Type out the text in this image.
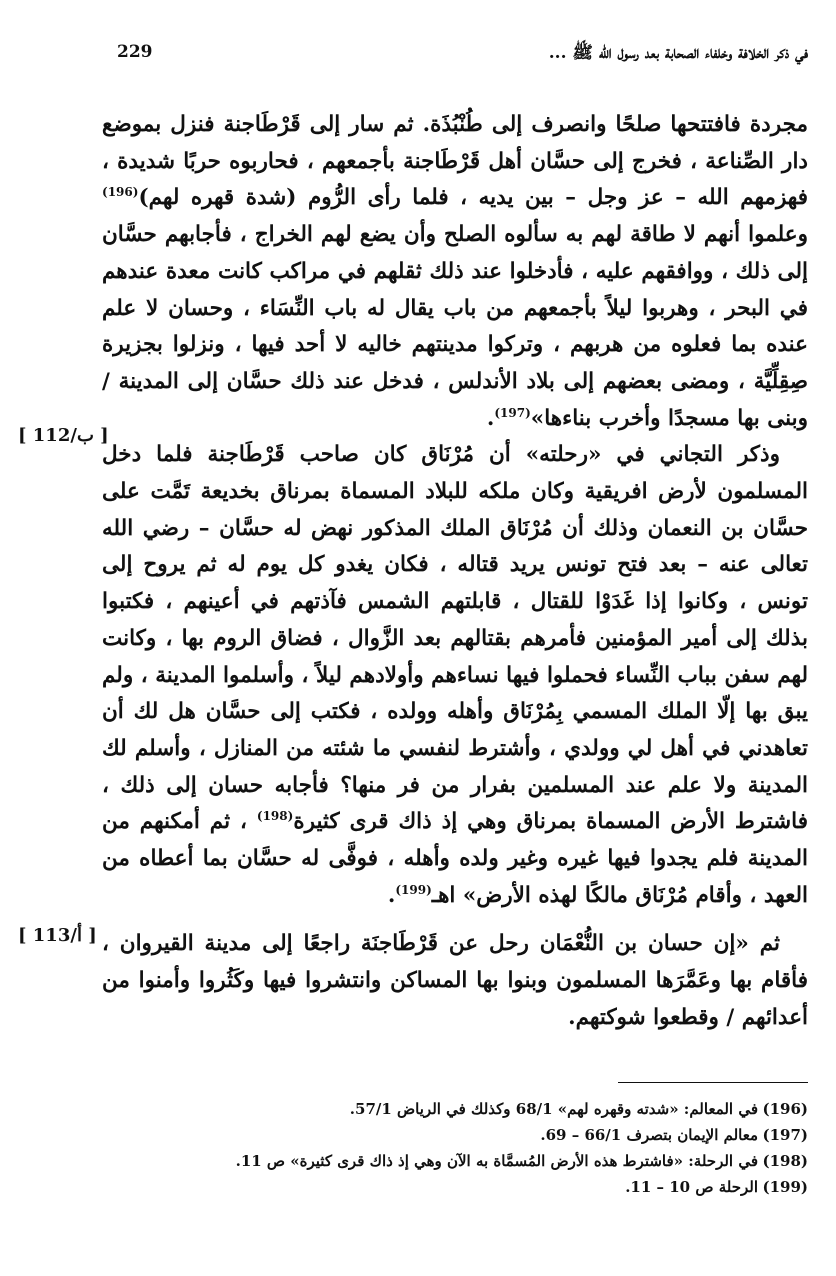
في ذكر الخلافة وخلفاء الصحابة بعد رسول الله ﷺ ...
229

مجردة فافتتحها صلحًا وانصرف إلى طُنْبُذَة. ثم سار إلى قَرْطَاجنة فنزل بموضع دار الصِّناعة ، فخرج إلى حسَّان أهل قَرْطَاجنة بأجمعهم ، فحاربوه حربًا شديدة ، فهزمهم الله – عز وجل – بين يديه ، فلما رأى الرُّوم (شدة قهره لهم)$^{(196)}$ وعلموا أنهم لا طاقة لهم به سألوه الصلح وأن يضع لهم الخراج ، فأجابهم حسَّان إلى ذلك ، ووافقهم عليه ، فأدخلوا عند ذلك ثقلهم في مراكب كانت معدة عندهم في البحر ، وهربوا ليلاً بأجمعهم من باب يقال له باب النِّسَاء ، وحسان لا علم عنده بما فعلوه من هربهم ، وتركوا مدينتهم خاليه لا أحد فيها ، ونزلوا بجزيرة صِقِلِّيَّة ، ومضى بعضهم إلى بلاد الأندلس ، فدخل عند ذلك حسَّان إلى المدينة / وبنى بها مسجدًا وأخرب بناءها»$^{(197)}$.

وذكر التجاني في «رحلته» أن مُرْنَاق كان صاحب قَرْطَاجنة فلما دخل المسلمون لأرض افريقية وكان ملكه للبلاد المسماة بمرناق بخديعة تَمَّت على حسَّان بن النعمان وذلك أن مُرْنَاق الملك المذكور نهض له حسَّان – رضي الله تعالى عنه – بعد فتح تونس يريد قتاله ، فكان يغدو كل يوم له ثم يروح إلى تونس ، وكانوا إذا غَدَوْا للقتال ، قابلتهم الشمس فآذتهم في أعينهم ، فكتبوا بذلك إلى أمير المؤمنين فأمرهم بقتالهم بعد الزَّوال ، فضاق الروم بها ، وكانت لهم سفن بباب النِّساء فحملوا فيها نساءهم وأولادهم ليلاً ، وأسلموا المدينة ، ولم يبق بها إلّا الملك المسمي بِمُرْنَاق وأهله وولده ، فكتب إلى حسَّان هل لك أن تعاهدني في أهل لي وولدي ، وأشترط لنفسي ما شئته من المنازل ، وأسلم لك المدينة ولا علم عند المسلمين بفرار من فر منها؟ فأجابه حسان إلى ذلك ، فاشترط الأرض المسماة بمرناق وهي إذ ذاك قرى كثيرة$^{(198)}$ ، ثم أمكنهم من المدينة فلم يجدوا فيها غيره وغير ولده وأهله ، فوفَّى له حسَّان بما أعطاه من العهد ، وأقام مُرْنَاق مالكًا لهذه الأرض» اهـ$^{(199)}$.

ثم «إن حسان بن النُّعْمَان رحل عن قَرْطَاجنَة راجعًا إلى مدينة القيروان ، فأقام بها وعَمَّرَها المسلمون وبنوا بها المساكن وانتشروا فيها وكَثُروا وأمنوا من أعدائهم / وقطعوا شوكتهم.

[ 112/ب ]
[ 113/أ ]
(196)في المعالم: «شدته وقهره لهم» 68/1 وكذلك في الرياض 57/1.
(197)معالم الإيمان بتصرف 66/1 – 69.
(198)في الرحلة: «فاشترط هذه الأرض المُسمَّاة به الآن وهي إذ ذاك قرى كثيرة» ص 11.
(199)الرحلة ص 10 – 11.
